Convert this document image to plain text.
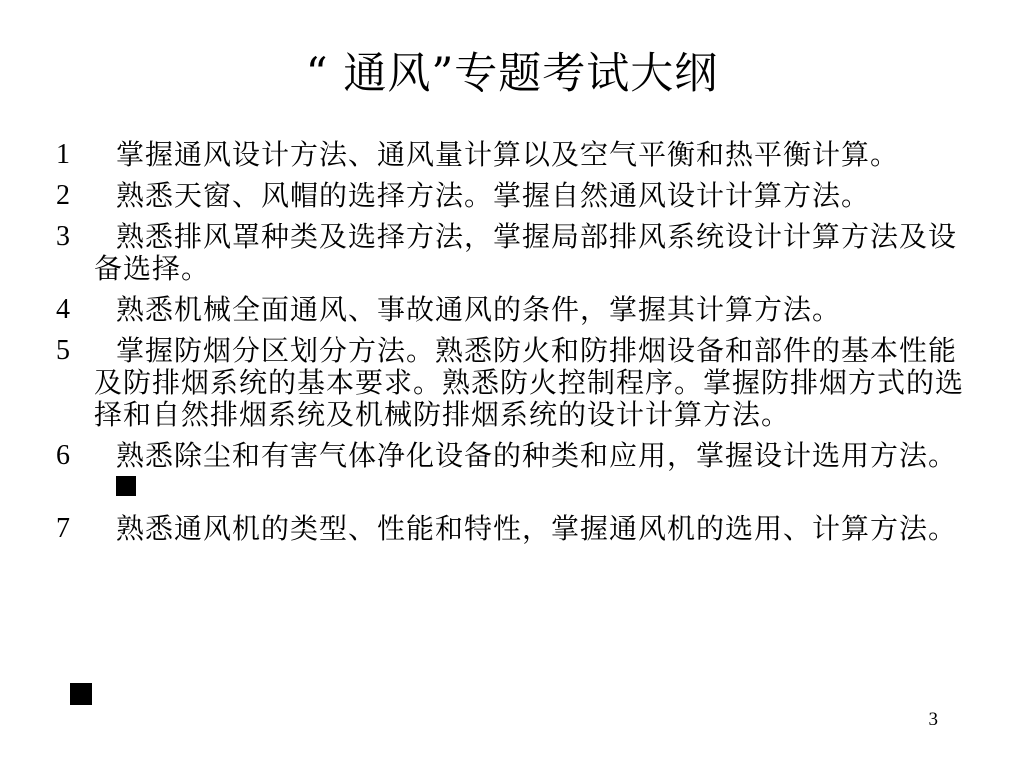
“ 通风”专题考试大纲
1	掌握通风设计方法、通风量计算以及空气平衡和热平衡计算。
2	熟悉天窗、风帽的选择方法。掌握自然通风设计计算方法。
3	熟悉排风罩种类及选择方法，掌握局部排风系统设计计算方法及设备选择。
4	熟悉机械全面通风、事故通风的条件，掌握其计算方法。
5	掌握防烟分区划分方法。熟悉防火和防排烟设备和部件的基本性能及防排烟系统的基本要求。熟悉防火控制程序。掌握防排烟方式的选择和自然排烟系统及机械防排烟系统的设计计算方法。
6	熟悉除尘和有害气体净化设备的种类和应用，掌握设计选用方法。
7	熟悉通风机的类型、性能和特性，掌握通风机的选用、计算方法。
3
